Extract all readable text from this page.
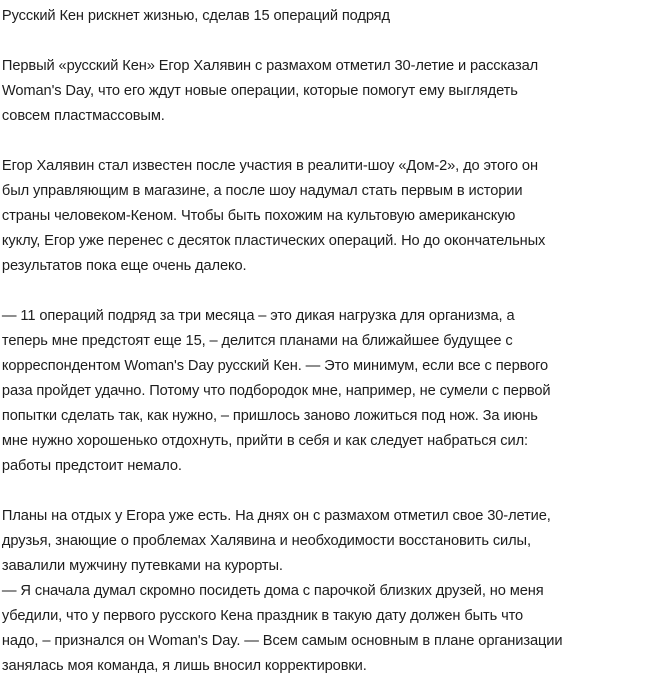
Русский Кен рискнет жизнью, сделав 15 операций подряд

Первый «русский Кен» Егор Халявин с размахом отметил 30-летие и рассказал
Woman's Day, что его ждут новые операции, которые помогут ему выглядеть
совсем пластмассовым.

Егор Халявин стал известен после участия в реалити-шоу «Дом-2», до этого он
был управляющим в магазине, а после шоу надумал стать первым в истории
страны человеком-Кеном. Чтобы быть похожим на культовую американскую
куклу, Егор уже перенес с десяток пластических операций. Но до окончательных
результатов пока еще очень далеко.

— 11 операций подряд за три месяца – это дикая нагрузка для организма, а
теперь мне предстоят еще 15, – делится планами на ближайшее будущее с
корреспондентом Woman's Day русский Кен. — Это минимум, если все с первого
раза пройдет удачно. Потому что подбородок мне, например, не сумели с первой
попытки сделать так, как нужно, – пришлось заново ложиться под нож. За июнь
мне нужно хорошенько отдохнуть, прийти в себя и как следует набраться сил:
работы предстоит немало.

Планы на отдых у Егора уже есть. На днях он с размахом отметил свое 30-летие,
друзья, знающие о проблемах Халявина и необходимости восстановить силы,
завалили мужчину путевками на курорты.
— Я сначала думал скромно посидеть дома с парочкой близких друзей, но меня
убедили, что у первого русского Кена праздник в такую дату должен быть что
надо, – признался он Woman's Day. — Всем самым основным в плане организации
занялась моя команда, я лишь вносил корректировки.
